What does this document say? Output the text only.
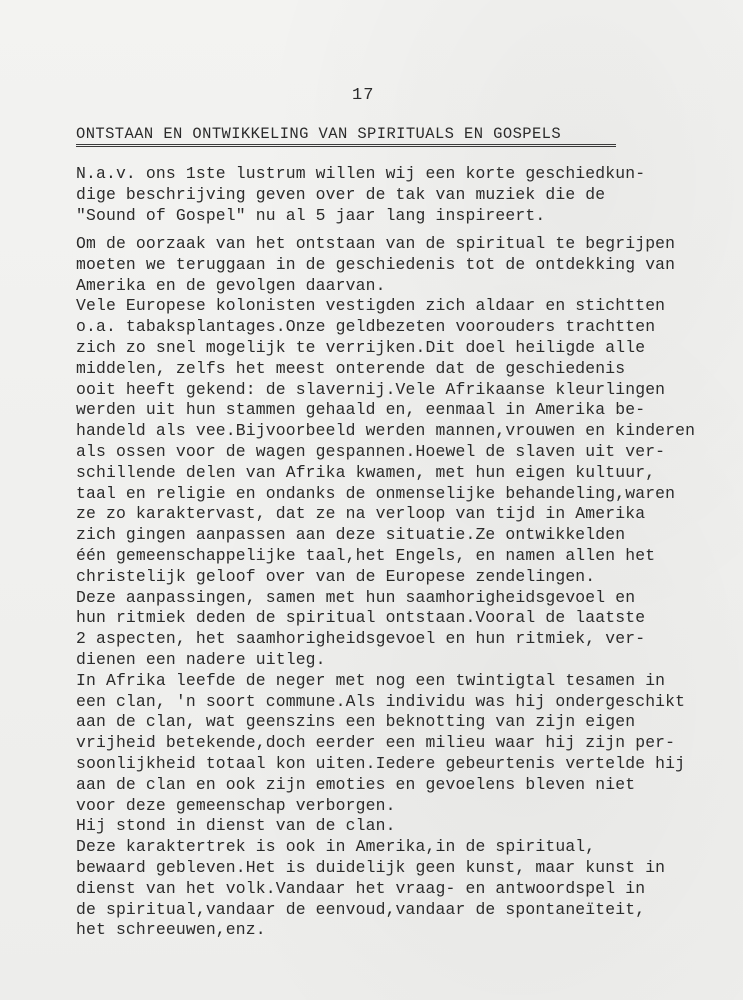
17
ONTSTAAN EN ONTWIKKELING VAN SPIRITUALS EN GOSPELS
N.a.v. ons 1ste lustrum willen wij een korte geschiedkun-
dige beschrijving geven over de tak van muziek die de
"Sound of Gospel" nu al 5 jaar lang inspireert.
Om de oorzaak van het ontstaan van de spiritual te begrijpen
moeten we teruggaan in de geschiedenis tot de ontdekking van
Amerika en de gevolgen daarvan.
Vele Europese kolonisten vestigden zich aldaar en stichtten
o.a. tabaksplantages.Onze geldbezeten voorouders trachtten
zich zo snel mogelijk te verrijken.Dit doel heiligde alle
middelen, zelfs het meest onterende dat de geschiedenis
ooit heeft gekend: de slavernij.Vele Afrikaanse kleurlingen
werden uit hun stammen gehaald en, eenmaal in Amerika be-
handeld als vee.Bijvoorbeeld werden mannen,vrouwen en kinderen
als ossen voor de wagen gespannen.Hoewel de slaven uit ver-
schillende delen van Afrika kwamen, met hun eigen kultuur,
taal en religie en ondanks de onmenselijke behandeling,waren
ze zo karaktervast, dat ze na verloop van tijd in Amerika
zich gingen aanpassen aan deze situatie.Ze ontwikkelden
één gemeenschappelijke taal,het Engels, en namen allen het
christelijk geloof over van de Europese zendelingen.
Deze aanpassingen, samen met hun saamhorigheidsgevoel en
hun ritmiek deden de spiritual ontstaan.Vooral de laatste
2 aspecten, het saamhorigheidsgevoel en hun ritmiek, ver-
dienen een nadere uitleg.
In Afrika leefde de neger met nog een twintigtal tesamen in
een clan, 'n soort commune.Als individu was hij ondergeschikt
aan de clan, wat geenszins een beknotting van zijn eigen
vrijheid betekende,doch eerder een milieu waar hij zijn per-
soonlijkheid totaal kon uiten.Iedere gebeurtenis vertelde hij
aan de clan en ook zijn emoties en gevoelens bleven niet
voor deze gemeenschap verborgen.
Hij stond in dienst van de clan.
Deze karaktertrek is ook in Amerika,in de spiritual,
bewaard gebleven.Het is duidelijk geen kunst, maar kunst in
dienst van het volk.Vandaar het vraag- en antwoordspel in
de spiritual,vandaar de eenvoud,vandaar de spontaneïteit,
het schreeuwen,enz.
